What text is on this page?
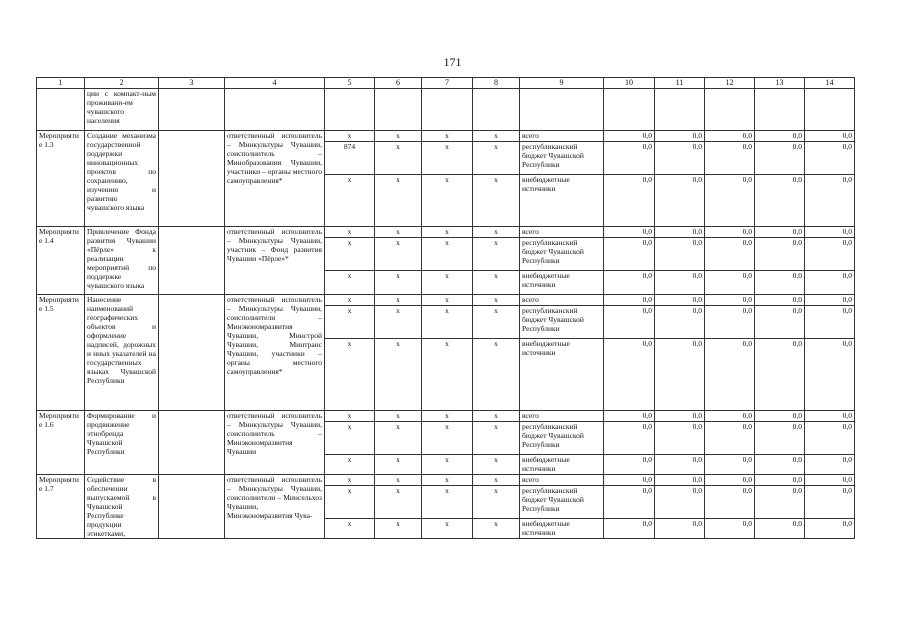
171
1	2	3	4	5	6	7	8	9	10	11	12	13	14
	ции с компакт-ным проживани-ем чувашского населения												
Мероприятие 1.3	Создание механизма государственной поддержки инновационных проектов по сохранению, изучению и развитию чувашского языка		ответственный исполнитель – Минкультуры Чувашии, соисполнитель – Минобразования Чувашии, участники – органы местного самоуправления*	x	x	x	x	всего	0,0	0,0	0,0	0,0	0,0
				874	x	x	x	республиканский бюджет Чувашской Республики	0,0	0,0	0,0	0,0	0,0
				x	x	x	x	внебюджетные источники	0,0	0,0	0,0	0,0	0,0
Мероприятие 1.4	Привлечение Фонда развития Чувашии «Пёрле» к реализации мероприятий по поддержке чувашского языка		ответственный исполнитель – Минкультуры Чувашии, участник – Фонд развития Чувашии «Пёрле»*	x	x	x	x	всего	0,0	0,0	0,0	0,0	0,0
				x	x	x	x	республиканский бюджет Чувашской Республики	0,0	0,0	0,0	0,0	0,0
				x	x	x	x	внебюджетные источники	0,0	0,0	0,0	0,0	0,0
Мероприятие 1.5	Нанесение наименований географических объектов и оформление надписей, дорожных и иных указателей на государственных языках Чувашской Республики		ответственный исполнитель – Минкультуры Чувашии, соисполнители – Минэкономразвития Чувашии, Минстрой Чувашии, Минтранс Чувашии, участники – органы местного самоуправления*	x	x	x	x	всего	0,0	0,0	0,0	0,0	0,0
				x	x	x	x	республиканский бюджет Чувашской Республики	0,0	0,0	0,0	0,0	0,0
				x	x	x	x	внебюджетные источники	0,0	0,0	0,0	0,0	0,0
Мероприятие 1.6	Формирование и продвижение этнобренда Чувашской Республики		ответственный исполнитель – Минкультуры Чувашии, соисполнитель – Минэкономразвития Чувашии	x	x	x	x	всего	0,0	0,0	0,0	0,0	0,0
				x	x	x	x	республиканский бюджет Чувашской Республики	0,0	0,0	0,0	0,0	0,0
				x	x	x	x	внебюджетные источники	0,0	0,0	0,0	0,0	0,0
Мероприятие 1.7	Содействие в обеспечении выпускаемой в Чувашской Республике продукции этикетками,		ответственный исполнитель – Минкультуры Чувашии, соисполнители – Минсельхоз Чувашии, Минэкономразвития Чува-	x	x	x	x	всего	0,0	0,0	0,0	0,0	0,0
				x	x	x	x	республиканский бюджет Чувашской Республики	0,0	0,0	0,0	0,0	0,0
				x	x	x	x	внебюджетные источники	0,0	0,0	0,0	0,0	0,0
